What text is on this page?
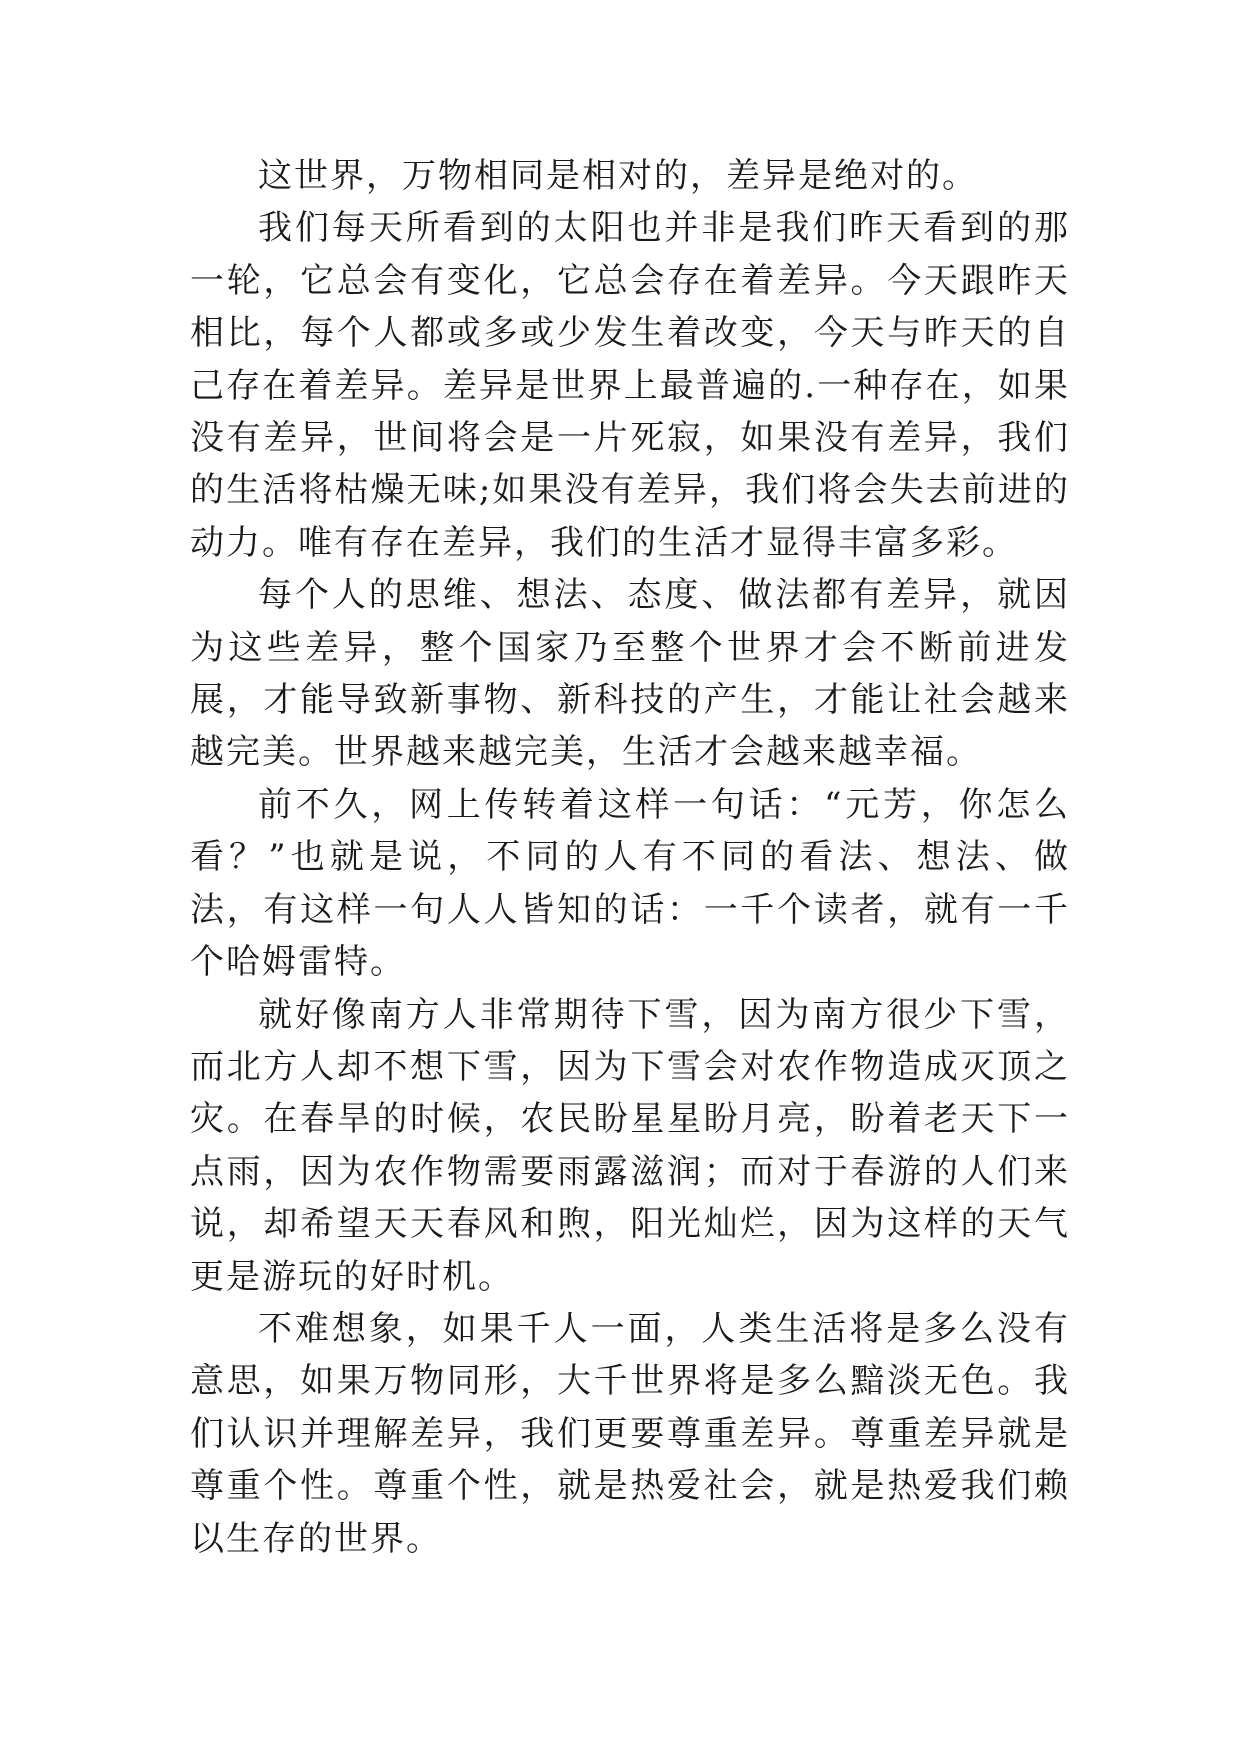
这世界，万物相同是相对的，差异是绝对的。

我们每天所看到的太阳也并非是我们昨天看到的那一轮，它总会有变化，它总会存在着差异。今天跟昨天相比，每个人都或多或少发生着改变，今天与昨天的自己存在着差异。差异是世界上最普遍的.一种存在，如果没有差异，世间将会是一片死寂，如果没有差异，我们的生活将枯燥无味;如果没有差异，我们将会失去前进的动力。唯有存在差异，我们的生活才显得丰富多彩。

每个人的思维、想法、态度、做法都有差异，就因为这些差异，整个国家乃至整个世界才会不断前进发展，才能导致新事物、新科技的产生，才能让社会越来越完美。世界越来越完美，生活才会越来越幸福。

前不久，网上传转着这样一句话：“元芳，你怎么看？”也就是说，不同的人有不同的看法、想法、做法，有这样一句人人皆知的话：一千个读者，就有一千个哈姆雷特。

就好像南方人非常期待下雪，因为南方很少下雪，而北方人却不想下雪，因为下雪会对农作物造成灭顶之灾。在春旱的时候，农民盼星星盼月亮，盼着老天下一点雨，因为农作物需要雨露滋润；而对于春游的人们来说，却希望天天春风和煦，阳光灿烂，因为这样的天气更是游玩的好时机。

不难想象，如果千人一面，人类生活将是多么没有意思，如果万物同形，大千世界将是多么黯淡无色。我们认识并理解差异，我们更要尊重差异。尊重差异就是尊重个性。尊重个性，就是热爱社会，就是热爱我们赖以生存的世界。
